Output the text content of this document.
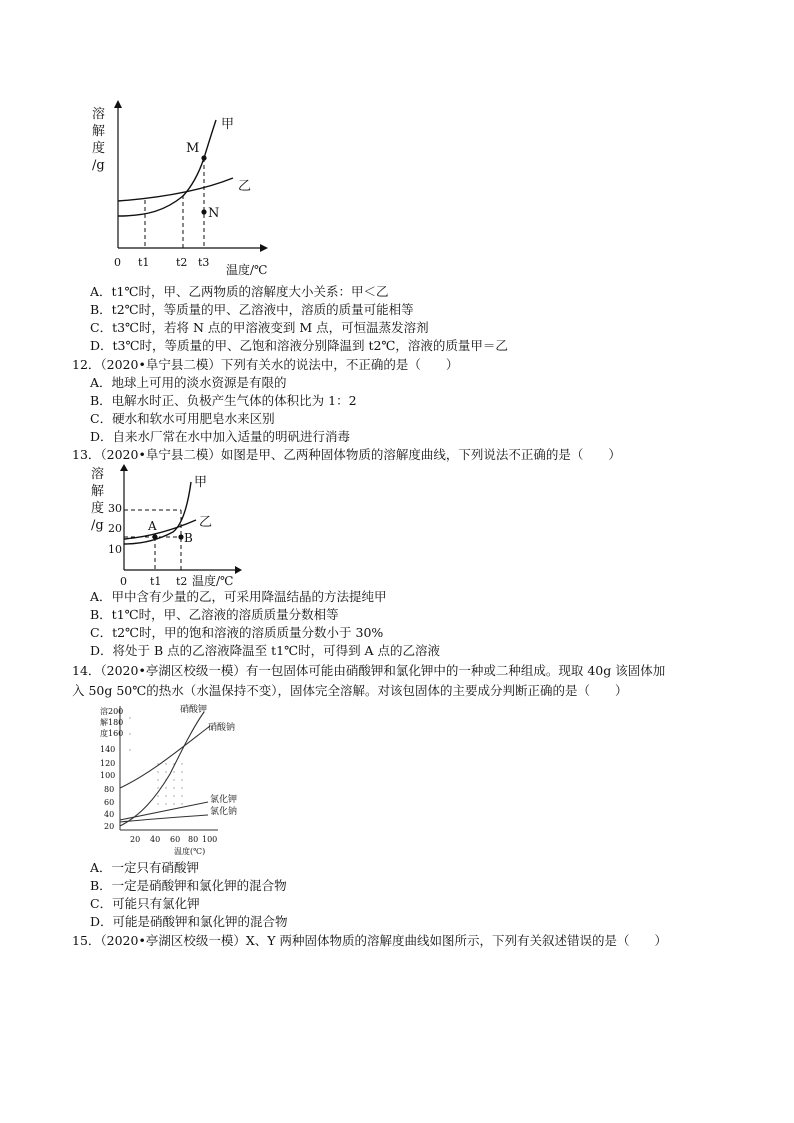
溶
解
度
/g
M
N
甲
乙
0 t1 t2 t3
温度/℃
A．t1℃时，甲、乙两物质的溶解度大小关系：甲＜乙
B．t2℃时，等质量的甲、乙溶液中，溶质的质量可能相等
C．t3℃时，若将 N 点的甲溶液变到 M 点，可恒温蒸发溶剂
D．t3℃时，等质量的甲、乙饱和溶液分别降温到 t2℃，溶液的质量甲＝乙
12．（2020•阜宁县二模）下列有关水的说法中，不正确的是（　　）
A．地球上可用的淡水资源是有限的
B．电解水时正、负极产生气体的体积比为 1：2
C．硬水和软水可用肥皂水来区别
D．自来水厂常在水中加入适量的明矾进行消毒
13．（2020•阜宁县二模）如图是甲、乙两种固体物质的溶解度曲线，下列说法不正确的是（　　）
溶
解
度
/g
30
20
10
A
B
甲
乙
0 t1 t2 温度/℃
A．甲中含有少量的乙，可采用降温结晶的方法提纯甲
B．t1℃时，甲、乙溶液的溶质质量分数相等
C．t2℃时，甲的饱和溶液的溶质质量分数小于 30%
D．将处于 B 点的乙溶液降温至 t1℃时，可得到 A 点的乙溶液
14．（2020•亭湖区校级一模）有一包固体可能由硝酸钾和氯化钾中的一种或二种组成。现取 40g 该固体加
入 50g 50℃的热水（水温保持不变），固体完全溶解。对该包固体的主要成分判断正确的是（　　）
溶
解
度
200
180
160
140
120
100
80
60
40
20
硝酸钾
硝酸钠
氯化钾
氯化钠
20 40 60 80 100
温度(℃)
A．一定只有硝酸钾
B．一定是硝酸钾和氯化钾的混合物
C．可能只有氯化钾
D．可能是硝酸钾和氯化钾的混合物
15．（2020•亭湖区校级一模）X、Y 两种固体物质的溶解度曲线如图所示，下列有关叙述错误的是（　　）
